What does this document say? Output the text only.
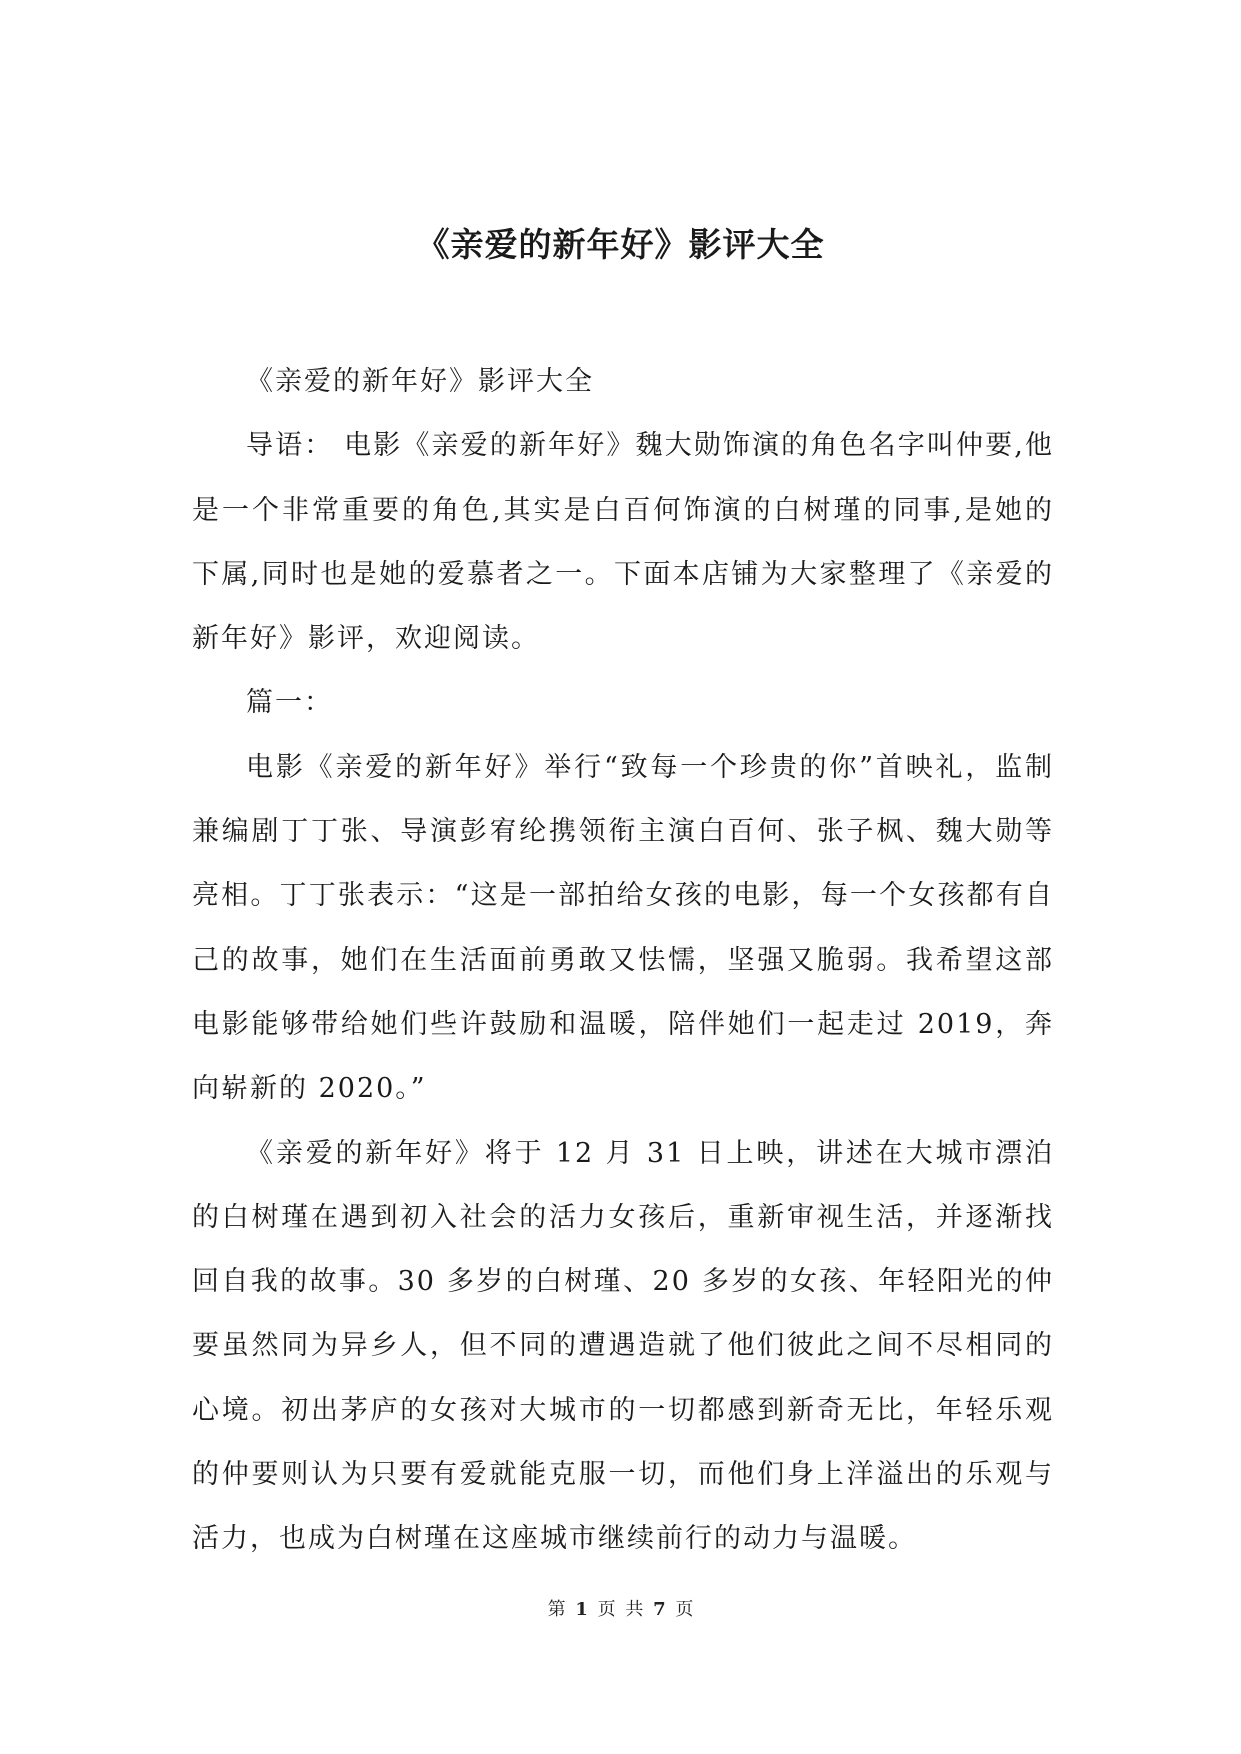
《亲爱的新年好》影评大全

《亲爱的新年好》影评大全

导语： 电影《亲爱的新年好》魏大勋饰演的角色名字叫仲要,他是一个非常重要的角色,其实是白百何饰演的白树瑾的同事,是她的下属,同时也是她的爱慕者之一。下面本店铺为大家整理了《亲爱的新年好》影评，欢迎阅读。

篇一：

电影《亲爱的新年好》举行“致每一个珍贵的你”首映礼，监制兼编剧丁丁张、导演彭宥纶携领衔主演白百何、张子枫、魏大勋等亮相。丁丁张表示：“这是一部拍给女孩的电影，每一个女孩都有自己的故事，她们在生活面前勇敢又怯懦，坚强又脆弱。我希望这部电影能够带给她们些许鼓励和温暖，陪伴她们一起走过 2019，奔向崭新的 2020。”

《亲爱的新年好》将于 12 月 31 日上映，讲述在大城市漂泊的白树瑾在遇到初入社会的活力女孩后，重新审视生活，并逐渐找回自我的故事。30 多岁的白树瑾、20 多岁的女孩、年轻阳光的仲要虽然同为异乡人，但不同的遭遇造就了他们彼此之间不尽相同的心境。初出茅庐的女孩对大城市的一切都感到新奇无比，年轻乐观的仲要则认为只要有爱就能克服一切，而他们身上洋溢出的乐观与活力，也成为白树瑾在这座城市继续前行的动力与温暖。

第 1 页 共 7 页
